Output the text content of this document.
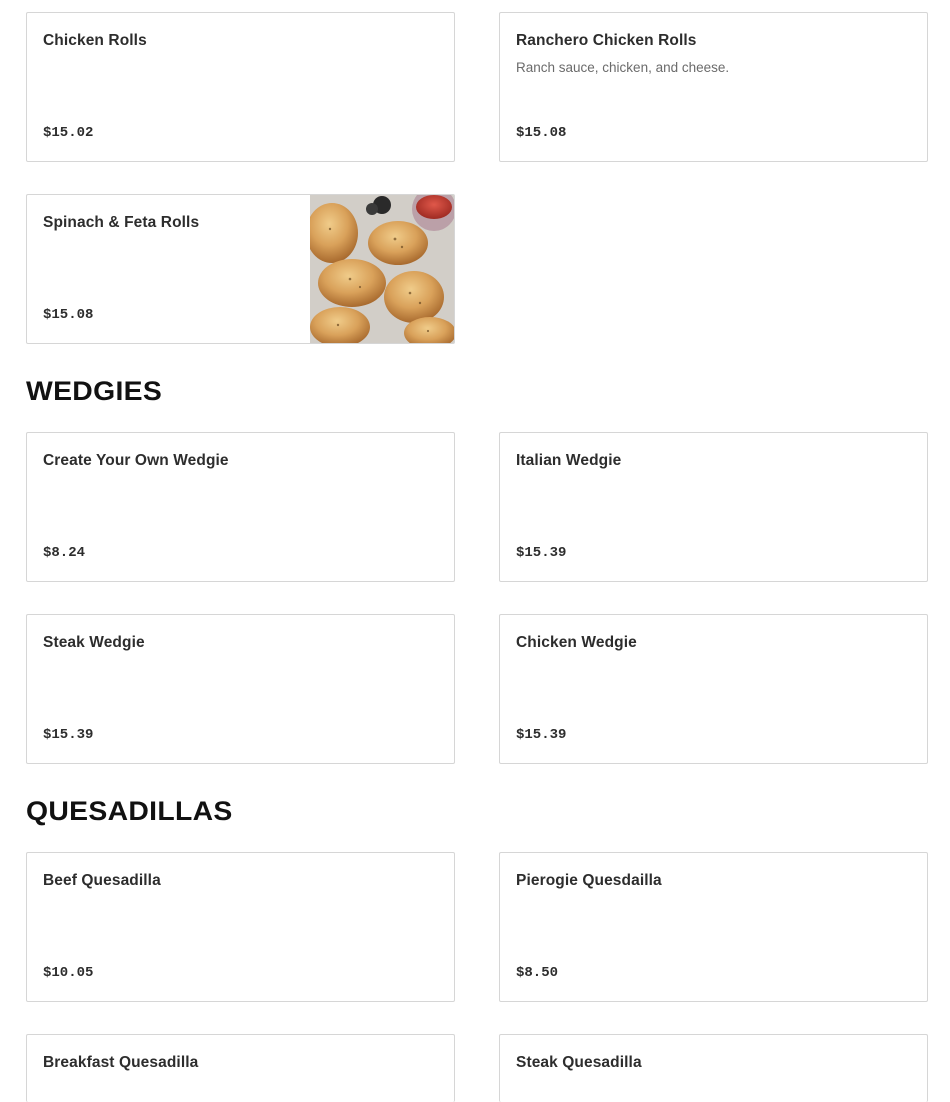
Chicken Rolls
$15.02
Ranchero Chicken Rolls
Ranch sauce, chicken, and cheese.
$15.08
Spinach & Feta Rolls
$15.08
WEDGIES
Create Your Own Wedgie
$8.24
Italian Wedgie
$15.39
Steak Wedgie
$15.39
Chicken Wedgie
$15.39
QUESADILLAS
Beef Quesadilla
$10.05
Pierogie Quesdailla
$8.50
Breakfast Quesadilla	Steak Quesadilla
